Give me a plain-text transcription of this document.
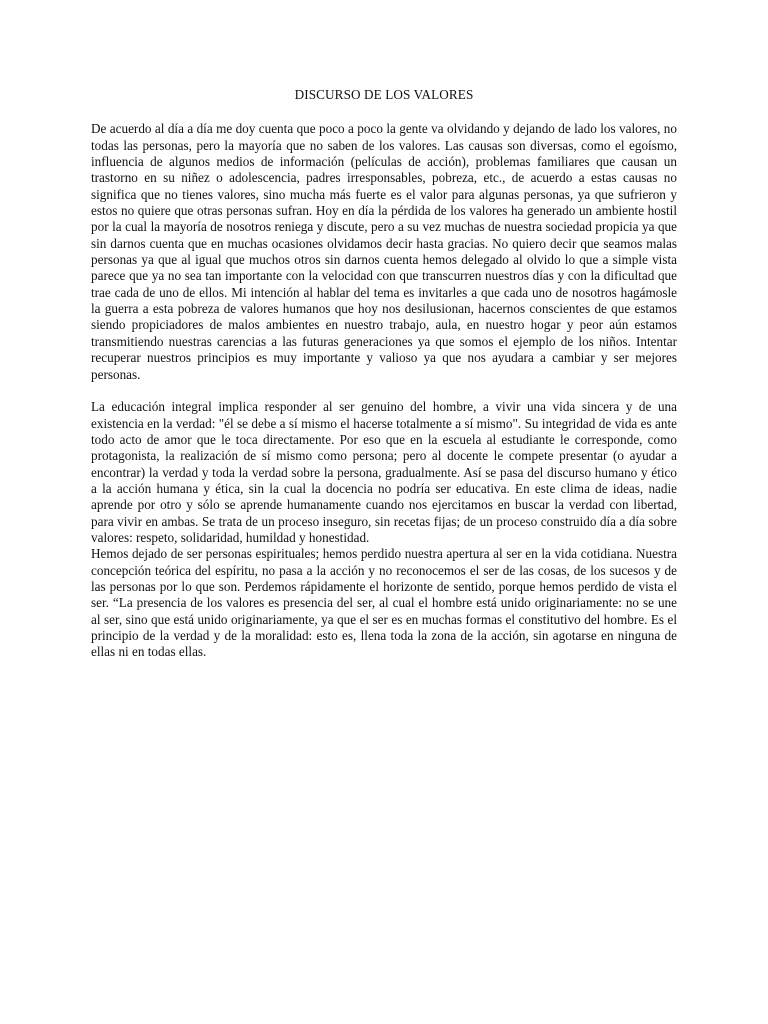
DISCURSO DE LOS VALORES

De acuerdo al día a día me doy cuenta que poco a poco la gente va olvidando y dejando de lado los valores, no todas las personas, pero la mayoría que no saben de los valores. Las causas son diversas, como el egoísmo, influencia de algunos medios de información (películas de acción), problemas familiares que causan un trastorno en su niñez o adolescencia, padres irresponsables, pobreza, etc., de acuerdo a estas causas no significa que no tienes valores, sino mucha más fuerte es el valor para algunas personas, ya que sufrieron y estos no quiere que otras personas sufran. Hoy en día la pérdida de los valores ha generado un ambiente hostil por la cual la mayoría de nosotros reniega y discute, pero a su vez muchas de nuestra sociedad propicia ya que sin darnos cuenta que en muchas ocasiones olvidamos decir hasta gracias. No quiero decir que seamos malas personas ya que al igual que muchos otros sin darnos cuenta hemos delegado al olvido lo que a simple vista parece que ya no sea tan importante con la velocidad con que transcurren nuestros días y con la dificultad que trae cada de uno de ellos. Mi intención al hablar del tema es invitarles a que cada uno de nosotros hagámosle la guerra a esta pobreza de valores humanos que hoy nos desilusionan, hacernos conscientes de que estamos siendo propiciadores de malos ambientes en nuestro trabajo, aula, en nuestro hogar y peor aún estamos transmitiendo nuestras carencias a las futuras generaciones ya que somos el ejemplo de los niños. Intentar recuperar nuestros principios es muy importante y valioso ya que nos ayudara a cambiar y ser mejores personas.

La educación integral implica responder al ser genuino del hombre, a vivir una vida sincera y de una existencia en la verdad: "él se debe a sí mismo el hacerse totalmente a sí mismo". Su integridad de vida es ante todo acto de amor que le toca directamente. Por eso que en la escuela al estudiante le corresponde, como protagonista, la realización de sí mismo como persona; pero al docente le compete presentar (o ayudar a encontrar) la verdad y toda la verdad sobre la persona, gradualmente. Así se pasa del discurso humano y ético a la acción humana y ética, sin la cual la docencia no podría ser educativa. En este clima de ideas, nadie aprende por otro y sólo se aprende humanamente cuando nos ejercitamos en buscar la verdad con libertad, para vivir en ambas. Se trata de un proceso inseguro, sin recetas fijas; de un proceso construido día a día sobre valores: respeto, solidaridad, humildad y honestidad.

Hemos dejado de ser personas espirituales; hemos perdido nuestra apertura al ser en la vida cotidiana. Nuestra concepción teórica del espíritu, no pasa a la acción y no reconocemos el ser de las cosas, de los sucesos y de las personas por lo que son. Perdemos rápidamente el horizonte de sentido, porque hemos perdido de vista el ser. “La presencia de los valores es presencia del ser, al cual el hombre está unido originariamente: no se une al ser, sino que está unido originariamente, ya que el ser es en muchas formas el constitutivo del hombre. Es el principio de la verdad y de la moralidad: esto es, llena toda la zona de la acción, sin agotarse en ninguna de ellas ni en todas ellas.
